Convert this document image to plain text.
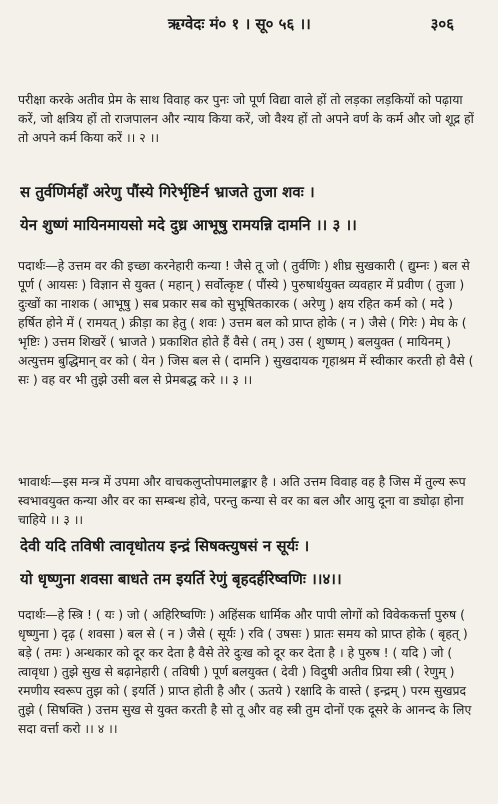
ऋग्वेदः मं० १ । सू० ५६ ।।	३०६

परीक्षा करके अतीव प्रेम के साथ विवाह कर पुनः जो पूर्ण विद्या वाले हों तो लड़का लड़कियों को पढ़ाया करें, जो क्षत्रिय हों तो राजपालन और न्याय किया करें, जो वैश्य हों तो अपने वर्ण के कर्म और जो शूद्र हों तो अपने कर्म किया करें ।। २ ।।

स तुर्वणिर्महाँ अरेणु पौंस्ये गिरेर्भृष्टिर्न भ्राजते तुजा शवः ।
येन शुष्णं मायिनमायसो मदे दुध्र आभूषु रामयन्नि दामनि ।। ३ ।।

पदार्थः—हे उत्तम वर की इच्छा करनेहारी कन्या ! जैसे तू जो ( तुर्वणिः ) शीघ्र सुखकारी ( द्युम्नः ) बल से पूर्ण ( आयसः ) विज्ञान से युक्त ( महान् ) सर्वोत्कृष्ट ( पौंस्ये ) पुरुषार्थयुक्त व्यवहार में प्रवीण ( तुजा ) दुःखों का नाशक ( आभूषु ) सब प्रकार सब को सुभूषितकारक ( अरेणु ) क्षय रहित कर्म को ( मदे ) हर्षित होने में ( रामयत् ) क्रीड़ा का हेतु ( शवः ) उत्तम बल को प्राप्त होके ( न ) जैसे ( गिरेः ) मेघ के ( भृष्टिः ) उत्तम शिखरें ( भ्राजते ) प्रकाशित होते हैं वैसे ( तम् ) उस ( शुष्णम् ) बलयुक्त ( मायिनम् ) अत्युत्तम बुद्धिमान् वर को ( येन ) जिस बल से ( दामनि ) सुखदायक गृहाश्रम में स्वीकार करती हो वैसे ( सः ) वह वर भी तुझे उसी बल से प्रेमबद्ध करे ।। ३ ।।

भावार्थः—इस मन्त्र में उपमा और वाचकलुप्तोपमालङ्कार है । अति उत्तम विवाह वह है जिस में तुल्य रूप स्वभावयुक्त कन्या और वर का सम्बन्ध होवे, परन्तु कन्या से वर का बल और आयु दूना वा ड्योढ़ा होना चाहिये ।। ३ ।।

देवी यदि तविषी त्वावृधोतय इन्द्रं सिषक्त्युषसं न सूर्यः ।
यो धृष्णुना शवसा बाधते तम इयर्ति रेणुं बृहदर्हरिष्वणिः ।।४।।

पदार्थः—हे स्त्रि ! ( यः ) जो ( अहिरिष्वणिः ) अहिंसक धार्मिक और पापी लोगों को विवेककर्त्ता पुरुष ( धृष्णुना ) दृढ़ ( शवसा ) बल से ( न ) जैसे ( सूर्यः ) रवि ( उषसः ) प्रातः समय को प्राप्त होके ( बृहत् ) बड़े ( तमः ) अन्धकार को दूर कर देता है वैसे तेरे दुःख को दूर कर देता है । हे पुरुष ! ( यदि ) जो ( त्वावृधा ) तुझे सुख से बढ़ानेहारी ( तविषी ) पूर्ण बलयुक्त ( देवी ) विदुषी अतीव प्रिया स्त्री ( रेणुम् ) रमणीय स्वरूप तुझ को ( इयर्ति ) प्राप्त होती है और ( ऊतये ) रक्षादि के वास्ते ( इन्द्रम् ) परम सुखप्रद तुझे ( सिषक्ति ) उत्तम सुख से युक्त करती है सो तू और वह स्त्री तुम दोनों एक दूसरे के आनन्द के लिए सदा वर्त्ता करो ।। ४ ।।
